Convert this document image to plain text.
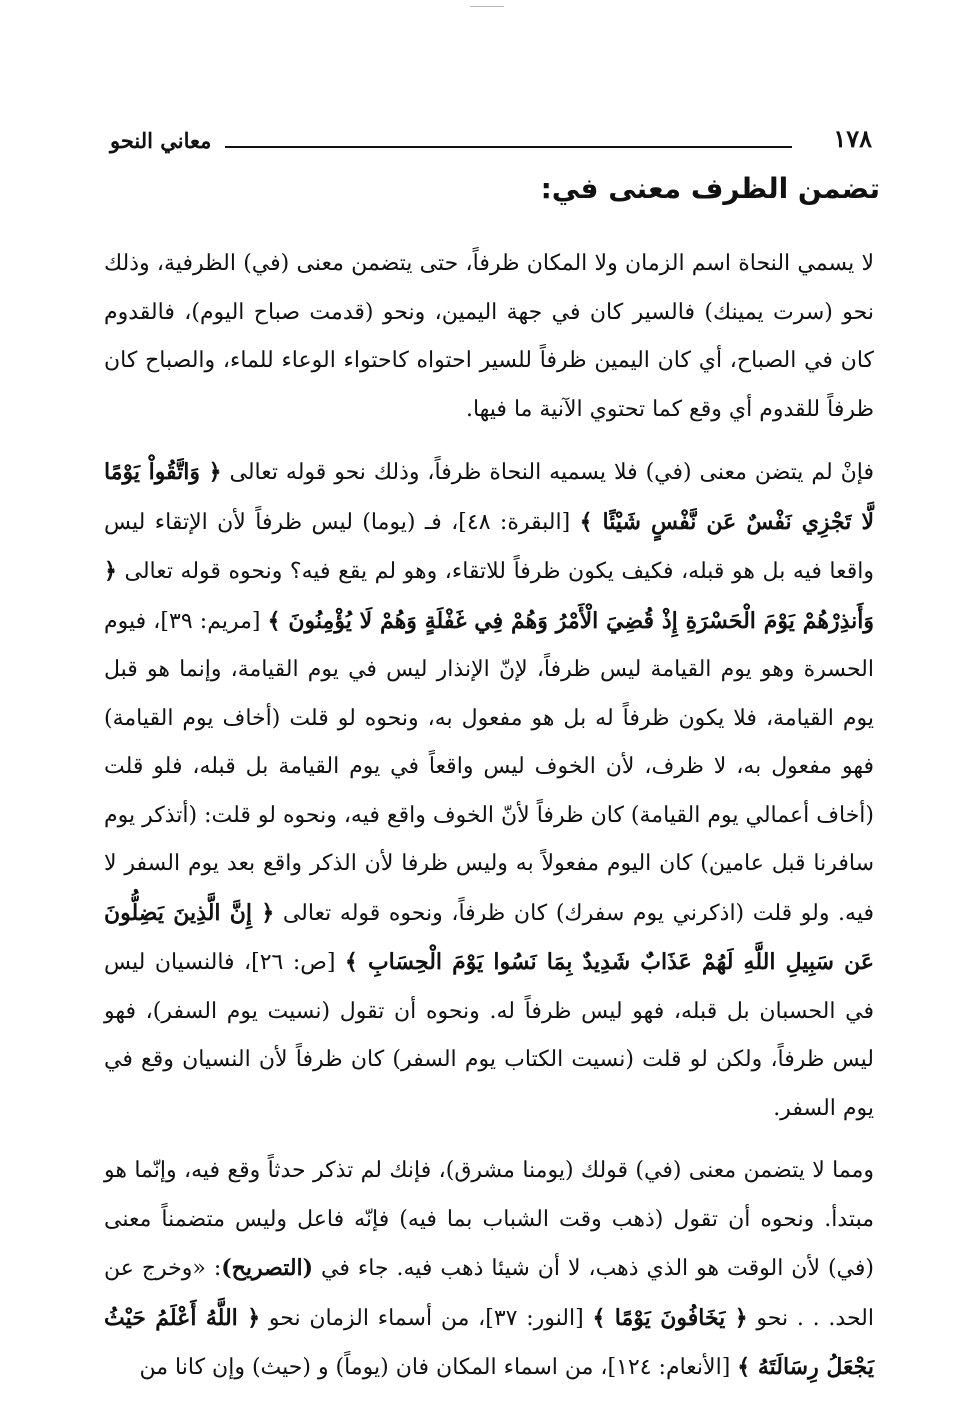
١٧٨
معاني النحو
تضمن الظرف معنى في:

لا يسمي النحاة اسم الزمان ولا المكان ظرفاً، حتى يتضمن معنى (في) الظرفية، وذلك نحو (سرت يمينك) فالسير كان في جهة اليمين، ونحو (قدمت صباح اليوم)، فالقدوم كان في الصباح، أي كان اليمين ظرفاً للسير احتواه كاحتواء الوعاء للماء، والصباح كان ظرفاً للقدوم أي وقع كما تحتوي الآنية ما فيها.

فإنْ لم يتضن معنى (في) فلا يسميه النحاة ظرفاً، وذلك نحو قوله تعالى ﴿ وَاتَّقُواْ يَوْمًا لَّا تَجْزِي نَفْسٌ عَن نَّفْسٍ شَيْئًا ﴾ [البقرة: ٤٨]، فـ (يوما) ليس ظرفاً لأن الإتقاء ليس واقعا فيه بل هو قبله، فكيف يكون ظرفاً للاتقاء، وهو لم يقع فيه؟ ونحوه قوله تعالى ﴿ وَأَنذِرْهُمْ يَوْمَ الْحَسْرَةِ إِذْ قُضِيَ الْأَمْرُ وَهُمْ فِي غَفْلَةٍ وَهُمْ لَا يُؤْمِنُونَ ﴾ [مريم: ٣٩]، فيوم الحسرة وهو يوم القيامة ليس ظرفاً، لإنّ الإنذار ليس في يوم القيامة، وإنما هو قبل يوم القيامة، فلا يكون ظرفاً له بل هو مفعول به، ونحوه لو قلت (أخاف يوم القيامة) فهو مفعول به، لا ظرف، لأن الخوف ليس واقعاً في يوم القيامة بل قبله، فلو قلت (أخاف أعمالي يوم القيامة) كان ظرفاً لأنّ الخوف واقع فيه، ونحوه لو قلت: (أتذكر يوم سافرنا قبل عامين) كان اليوم مفعولاً به وليس ظرفا لأن الذكر واقع بعد يوم السفر لا فيه. ولو قلت (اذكرني يوم سفرك) كان ظرفاً، ونحوه قوله تعالى ﴿ إِنَّ الَّذِينَ يَضِلُّونَ عَن سَبِيلِ اللَّهِ لَهُمْ عَذَابٌ شَدِيدٌ بِمَا نَسُوا يَوْمَ الْحِسَابِ ﴾ [ص: ٢٦]، فالنسيان ليس في الحسبان بل قبله، فهو ليس ظرفاً له. ونحوه أن تقول (نسيت يوم السفر)، فهو ليس ظرفاً، ولكن لو قلت (نسيت الكتاب يوم السفر) كان ظرفاً لأن النسيان وقع في يوم السفر.

ومما لا يتضمن معنى (في) قولك (يومنا مشرق)، فإنك لم تذكر حدثاً وقع فيه، وإنّما هو مبتدأ. ونحوه أن تقول (ذهب وقت الشباب بما فيه) فإنّه فاعل وليس متضمناً معنى (في) لأن الوقت هو الذي ذهب، لا أن شيئا ذهب فيه. جاء في (التصريح): «وخرج عن الحد. . . نحو ﴿ يَخَافُونَ يَوْمًا ﴾ [النور: ٣٧]، من أسماء الزمان نحو ﴿ اللَّهُ أَعْلَمُ حَيْثُ يَجْعَلُ رِسَالَتَهُ ﴾ [الأنعام: ١٢٤]، من اسماء المكان فان (يوماً) و (حيث) وإن كانا من
